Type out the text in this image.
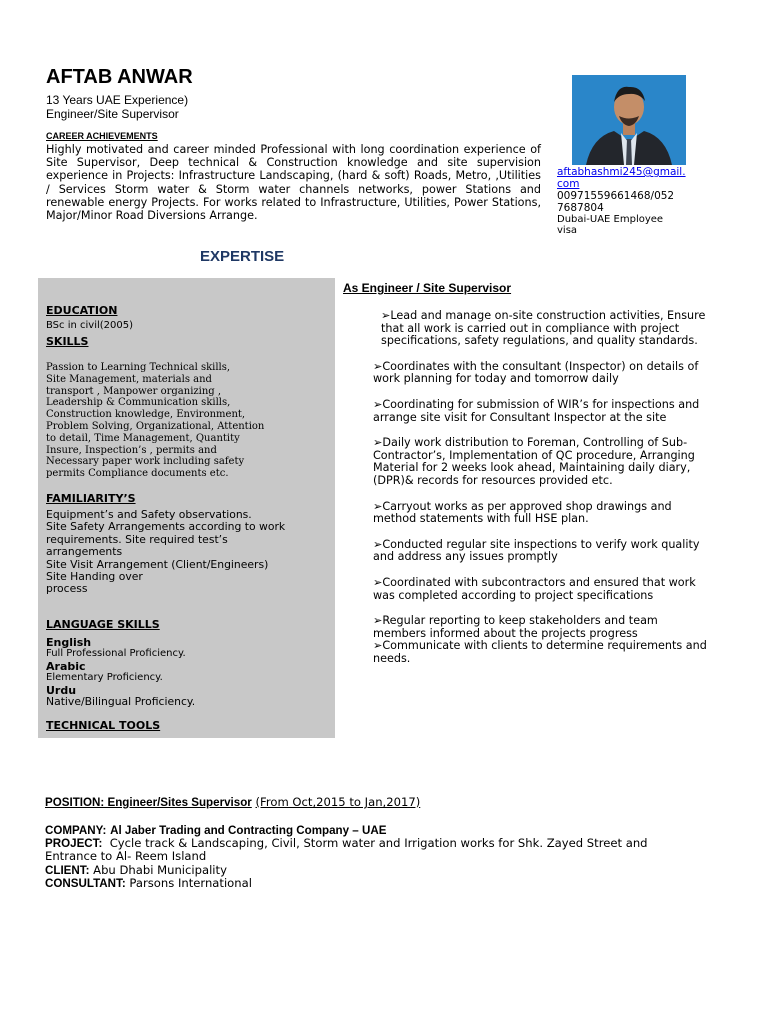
AFTAB ANWAR
13 Years UAE Experience)
Engineer/Site Supervisor
CAREER ACHIEVEMENTS
Highly motivated and career minded Professional with long coordination experience of Site Supervisor, Deep technical & Construction knowledge and site supervision experience in Projects: Infrastructure Landscaping, (hard & soft) Roads, Metro, ,Utilities / Services Storm water & Storm water channels networks, power Stations and renewable energy Projects. For works related to Infrastructure, Utilities, Power Stations, Major/Minor Road Diversions Arrange.
aftabhashmi245@gmail.
com
00971559661468/052
7687804
Dubai-UAE Employee
visa
EXPERTISE
EDUCATION
BSc in civil(2005)
SKILLS
Passion to Learning Technical skills,
Site Management, materials and
transport , Manpower organizing ,
Leadership & Communication skills,
Construction knowledge, Environment,
Problem Solving, Organizational, Attention
to detail, Time Management, Quantity
Insure, Inspection’s , permits and
Necessary paper work including safety
permits Compliance documents etc.
FAMILIARITY’S
Equipment’s and Safety observations.
Site Safety Arrangements according to work
requirements. Site required test’s
arrangements
Site Visit Arrangement (Client/Engineers)
Site Handing over
process
LANGUAGE SKILLS
English
Full Professional Proficiency.
Arabic
Elementary Proficiency.
Urdu
Native/Bilingual Proficiency.
TECHNICAL TOOLS
As Engineer / Site Supervisor

➢Lead and manage on-site construction activities, Ensure that all work is carried out in compliance with project specifications, safety regulations, and quality standards.

➢Coordinates with the consultant (Inspector) on details of work planning for today and tomorrow daily

➢Coordinating for submission of WIR’s for inspections and arrange site visit for Consultant Inspector at the site

➢Daily work distribution to Foreman, Controlling of Sub-Contractor’s, Implementation of QC procedure, Arranging Material for 2 weeks look ahead, Maintaining daily diary,(DPR)& records for resources provided etc.

➢Carryout works as per approved shop drawings and method statements with full HSE plan.

➢Conducted regular site inspections to verify work quality and address any issues promptly

➢Coordinated with subcontractors and ensured that work was completed according to project specifications

➢Regular reporting to keep stakeholders and team members informed about the projects progress

➢Communicate with clients to determine requirements and needs.

POSITION: Engineer/Sites Supervisor (From Oct,2015 to Jan,2017)
COMPANY: Al Jaber Trading and Contracting Company – UAE
PROJECT:  Cycle track & Landscaping, Civil, Storm water and Irrigation works for Shk. Zayed Street and            Entrance to Al- Reem Island
CLIENT: Abu Dhabi Municipality
CONSULTANT: Parsons International
